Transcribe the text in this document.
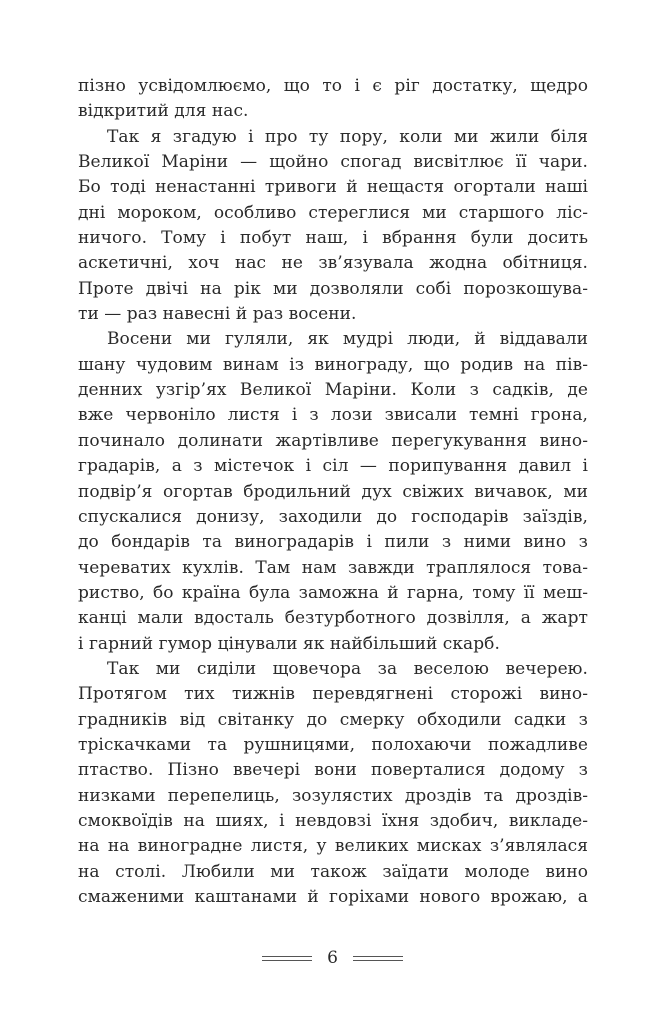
пізно усвідомлюємо, що то і є ріг достатку, щедро
відкритий для нас.
Так я згадую і про ту пору, коли ми жили біля
Великої Маріни — щойно спогад висвітлює її чари.
Бо тоді ненастанні тривоги й нещастя огортали наші
дні мороком, особливо стереглися ми старшого ліс-
ничого. Тому і побут наш, і вбрання були досить
аскетичні, хоч нас не зв’язувала жодна обітниця.
Проте двічі на рік ми дозволяли собі порозкошува-
ти — раз навесні й раз восени.
Восени ми гуляли, як мудрі люди, й віддавали
шану чудовим винам із винограду, що родив на пів-
денних узгір’ях Великої Маріни. Коли з садків, де
вже червоніло листя і з лози звисали темні грона,
починало долинати жартівливе перегукування вино-
градарів, а з містечок і сіл — порипування давил і
подвір’я огортав бродильний дух свіжих вичавок, ми
спускалися донизу, заходили до господарів заїздів,
до бондарів та виноградарів і пили з ними вино з
череватих кухлів. Там нам завжди траплялося това-
риство, бо країна була заможна й гарна, тому її меш-
канці мали вдосталь безтурботного дозвілля, а жарт
і гарний гумор цінували як найбільший скарб.
Так ми сиділи щовечора за веселою вечерею.
Протягом тих тижнів перевдягнені сторожі вино-
градників від світанку до смерку обходили садки з
тріскачками та рушницями, полохаючи пожадливе
птаство. Пізно ввечері вони поверталися додому з
низками перепелиць, зозулястих дроздів та дроздів-
смоквоїдів на шиях, і невдовзі їхня здобич, викладе-
на на виноградне листя, у великих мисках з’являлася
на столі. Любили ми також заїдати молоде вино
смаженими каштанами й горіхами нового врожаю, а
6
